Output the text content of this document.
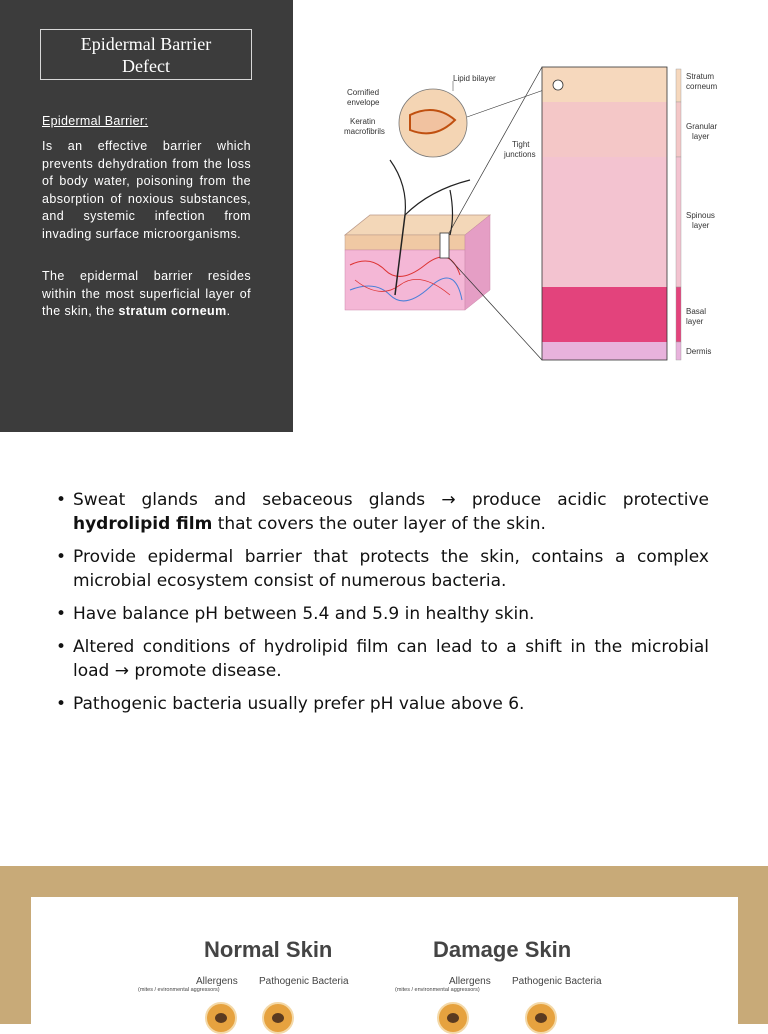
Epidermal Barrier Defect
Epidermal Barrier:

Is an effective barrier which prevents dehydration from the loss of body water, poisoning from the absorption of noxious substances, and systemic infection from invading surface microorganisms.

The epidermal barrier resides within the most superficial layer of the skin, the stratum corneum.

Lipid bilayer
Cornified
envelope
Keratin
macrofibrils
Tight
junctions
Stratum
corneum
Granular
layer
Spinous
layer
Basal
layer
Dermis
• Sweat glands and sebaceous glands → produce acidic protective hydrolipid film that covers the outer layer of the skin.
• Provide epidermal barrier that protects the skin, contains a complex microbial ecosystem consist of numerous bacteria.
• Have balance pH between 5.4 and 5.9 in healthy skin.
• Altered conditions of hydrolipid film can lead to a shift in the microbial load → promote disease.
• Pathogenic bacteria usually prefer pH value above 6.
Normal Skin	Damage Skin
Allergens
(mites / evironmental aggressors)
Pathogenic Bacteria	Allergens
(mites / environmental aggressors)
Pathogenic Bacteria
